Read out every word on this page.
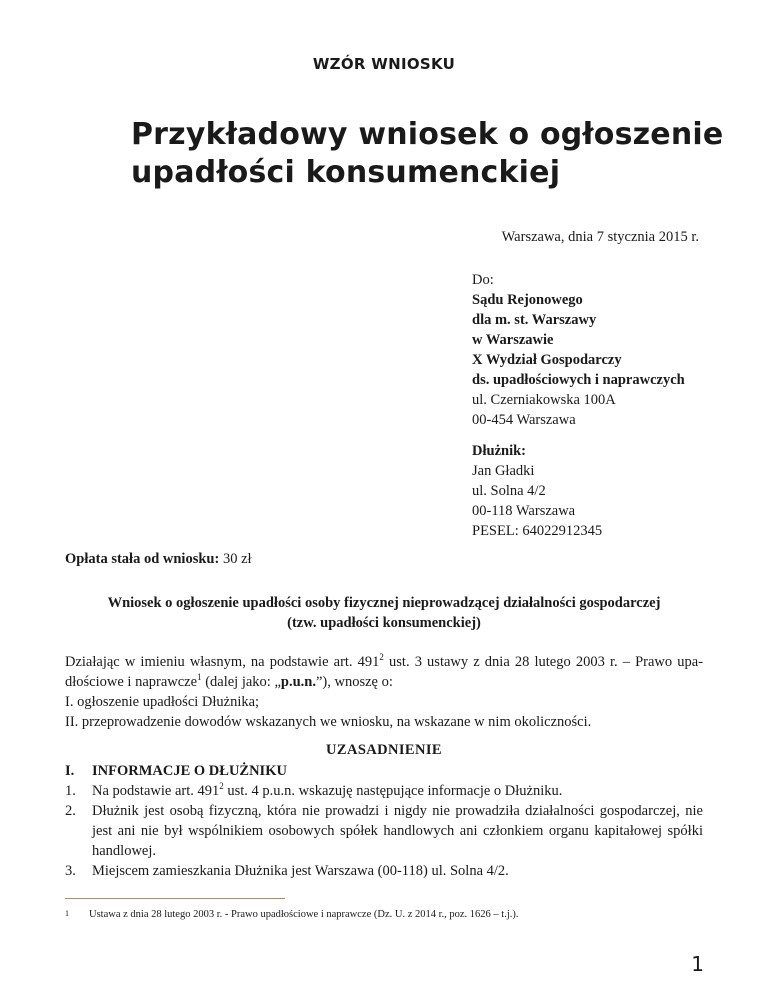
WZÓR WNIOSKU
Przykładowy wniosek o ogłoszenie
upadłości konsumenckiej
Warszawa, dnia 7 stycznia 2015 r.
Do:
Sądu Rejonowego
dla m. st. Warszawy
w Warszawie
X Wydział Gospodarczy
ds. upadłościowych i naprawczych
ul. Czerniakowska 100A
00-454 Warszawa
Dłużnik:
Jan Gładki
ul. Solna 4/2
00-118 Warszawa
PESEL: 64022912345
Opłata stała od wniosku: 30 zł
Wniosek o ogłoszenie upadłości osoby fizycznej nieprowadzącej działalności gospodarczej
(tzw. upadłości konsumenckiej)
Działając w imieniu własnym, na podstawie art. $491^2$ ust. 3 ustawy z dnia 28 lutego 2003 r. – Prawo upa-dłościowe i naprawcze$^1$ (dalej jako: „p.u.n.”), wnoszę o:
I. ogłoszenie upadłości Dłużnika;
II. przeprowadzenie dowodów wskazanych we wniosku, na wskazane w nim okoliczności.
UZASADNIENIE
I.	INFORMACJE O DŁUŻNIKU
1.	Na podstawie art. $491^2$ ust. 4 p.u.n. wskazuję następujące informacje o Dłużniku.
2.	Dłużnik jest osobą fizyczną, która nie prowadzi i nigdy nie prowadziła działalności gospodarczej, nie jest ani nie był wspólnikiem osobowych spółek handlowych ani członkiem organu kapitałowej spółki handlowej.
3.	Miejscem zamieszkania Dłużnika jest Warszawa (00-118) ul. Solna 4/2.
1	Ustawa z dnia 28 lutego 2003 r. - Prawo upadłościowe i naprawcze (Dz. U. z 2014 r., poz. 1626 – t.j.).
1
